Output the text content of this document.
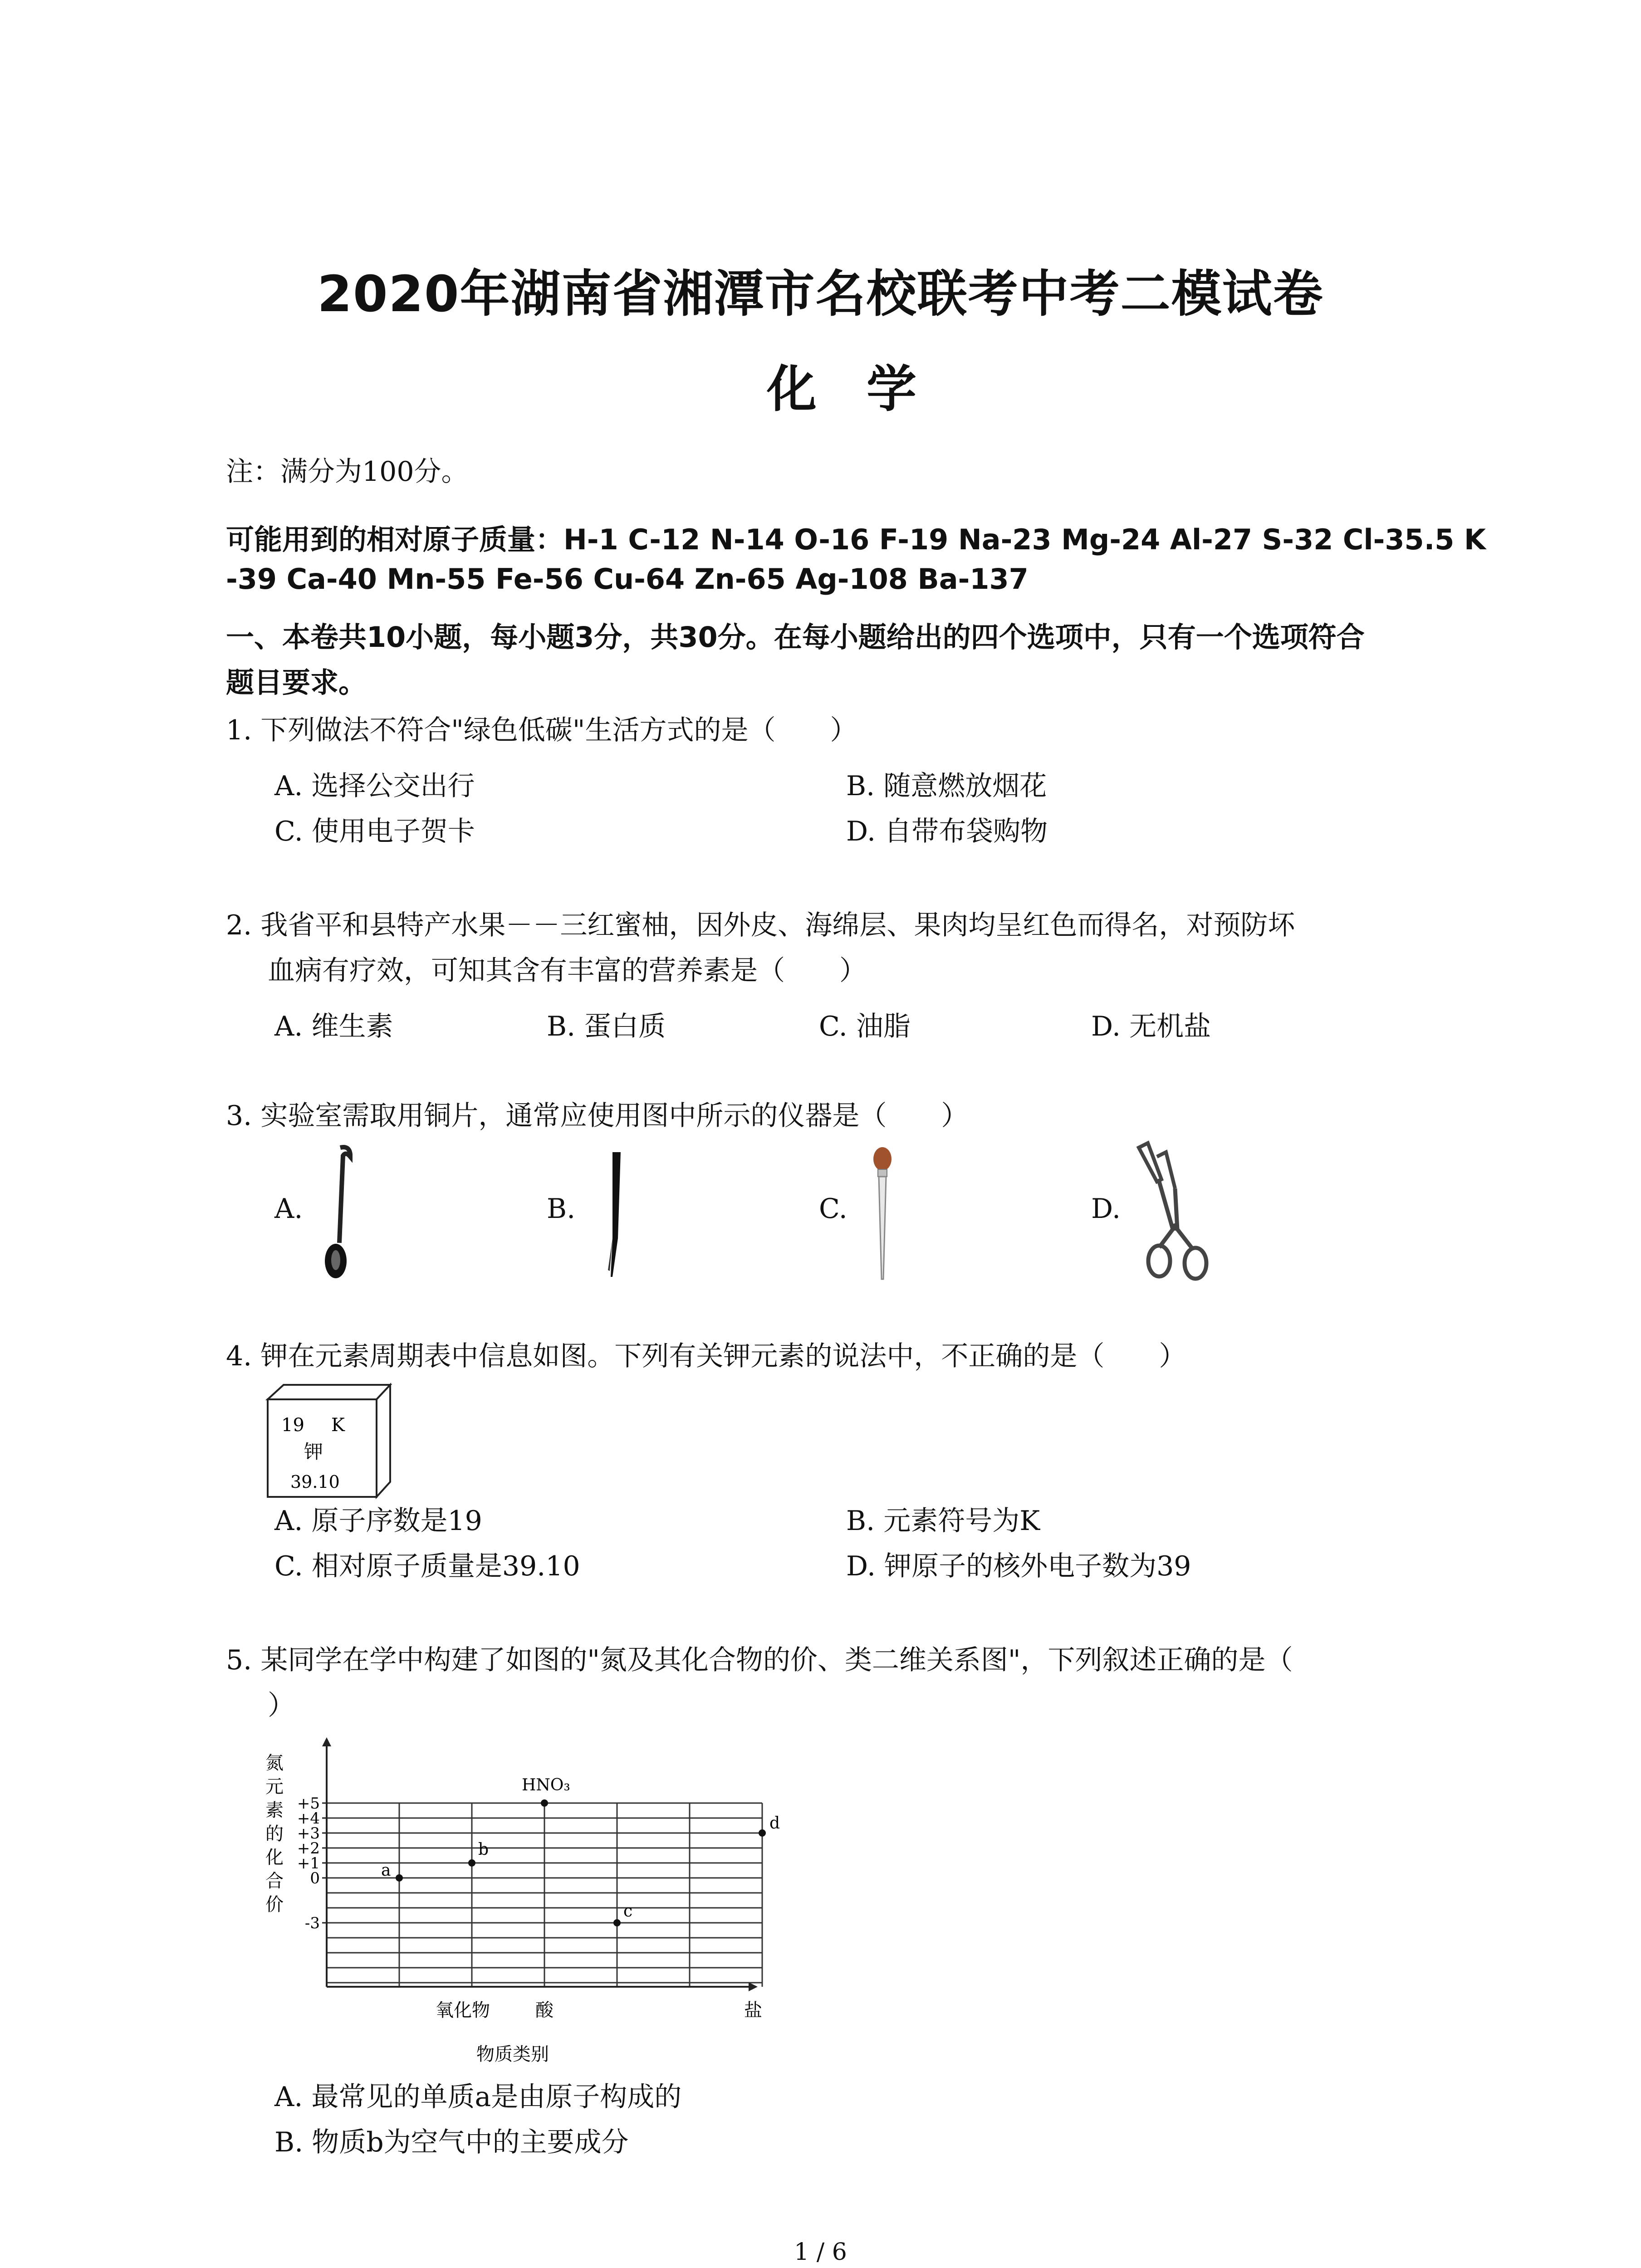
2020年湖南省湘潭市名校联考中考二模试卷
化学
注：满分为100分。
可能用到的相对原子质量：H-1 C-12 N-14 O-16 F-19 Na-23 Mg-24 Al-27 S-32 Cl-35.5 K
-39 Ca-40 Mn-55 Fe-56 Cu-64 Zn-65 Ag-108 Ba-137
一、本卷共10小题，每小题3分，共30分。在每小题给出的四个选项中，只有一个选项符合
题目要求。
1. 下列做法不符合"绿色低碳"生活方式的是（　　）
A. 选择公交出行	B. 随意燃放烟花
C. 使用电子贺卡	D. 自带布袋购物
2. 我省平和县特产水果－－三红蜜柚，因外皮、海绵层、果肉均呈红色而得名，对预防坏
血病有疗效，可知其含有丰富的营养素是（　　）
A. 维生素	B. 蛋白质	C. 油脂	D. 无机盐
3. 实验室需取用铜片，通常应使用图中所示的仪器是（　　）
A.	B.	C.	D.
4. 钾在元素周期表中信息如图。下列有关钾元素的说法中，不正确的是（　　）
19 K
钾
39.10
A. 原子序数是19	B. 元素符号为K
C. 相对原子质量是39.10	D. 钾原子的核外电子数为39
5. 某同学在学中构建了如图的"氮及其化合物的价、类二维关系图"，下列叙述正确的是（
）
氮
元
素
的
化
合
价
+5
+4
+3
+2
+1
0
-3
氧化物	酸	盐
a
b
HNO₃
c
d
物质类别
A. 最常见的单质a是由原子构成的
B. 物质b为空气中的主要成分
1 / 6
